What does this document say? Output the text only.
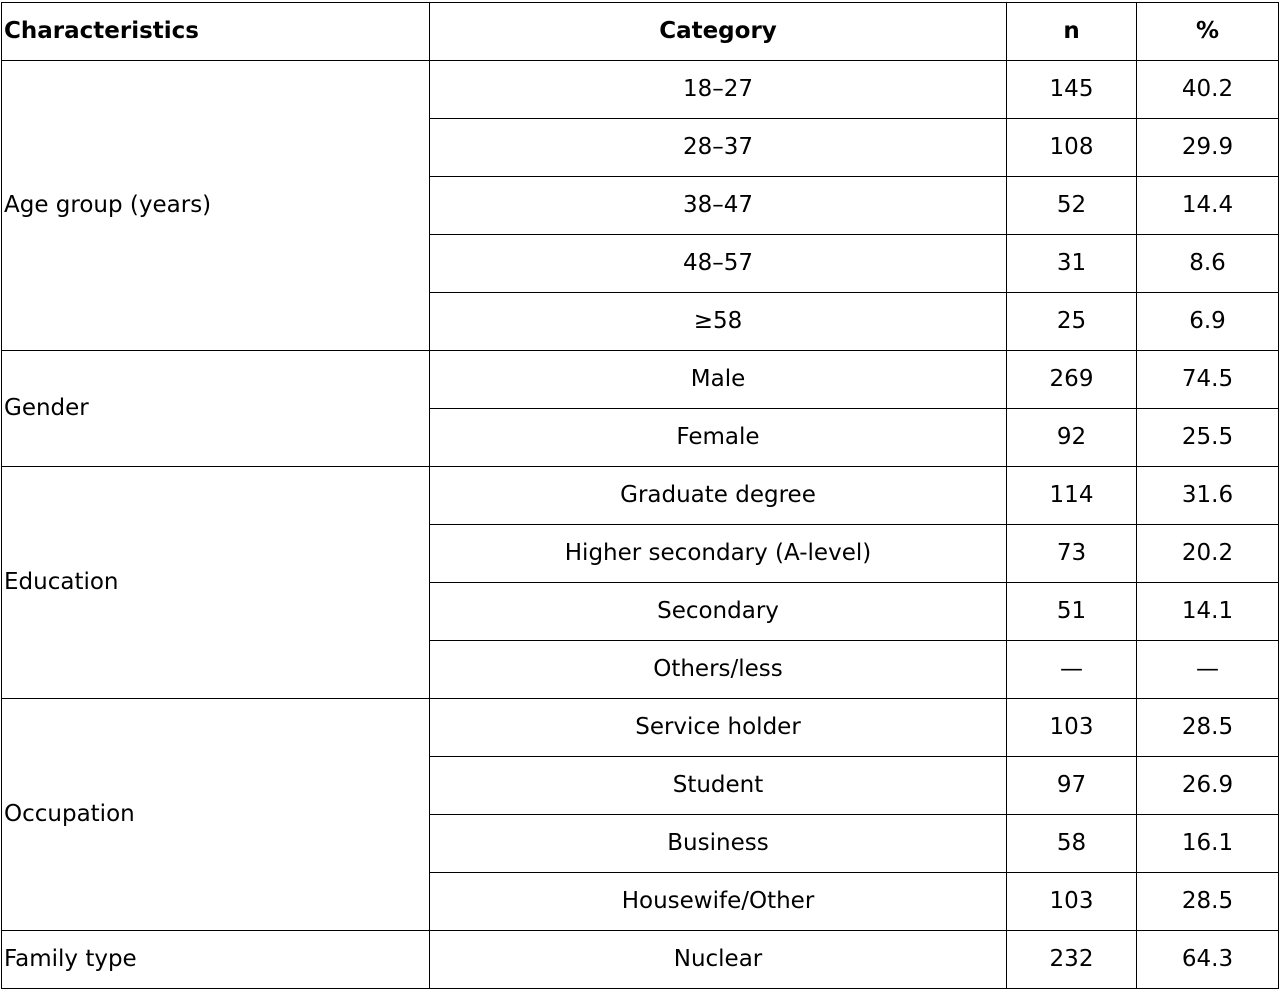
Characteristics	Category	n	%
Age group (years)	18–27	145	40.2
	28–37	108	29.9
	38–47	52	14.4
	48–57	31	8.6
	≥58	25	6.9
Gender	Male	269	74.5
	Female	92	25.5
Education	Graduate degree	114	31.6
	Higher secondary (A-level)	73	20.2
	Secondary	51	14.1
	Others/less	—	—
Occupation	Service holder	103	28.5
	Student	97	26.9
	Business	58	16.1
	Housewife/Other	103	28.5
Family type	Nuclear	232	64.3
